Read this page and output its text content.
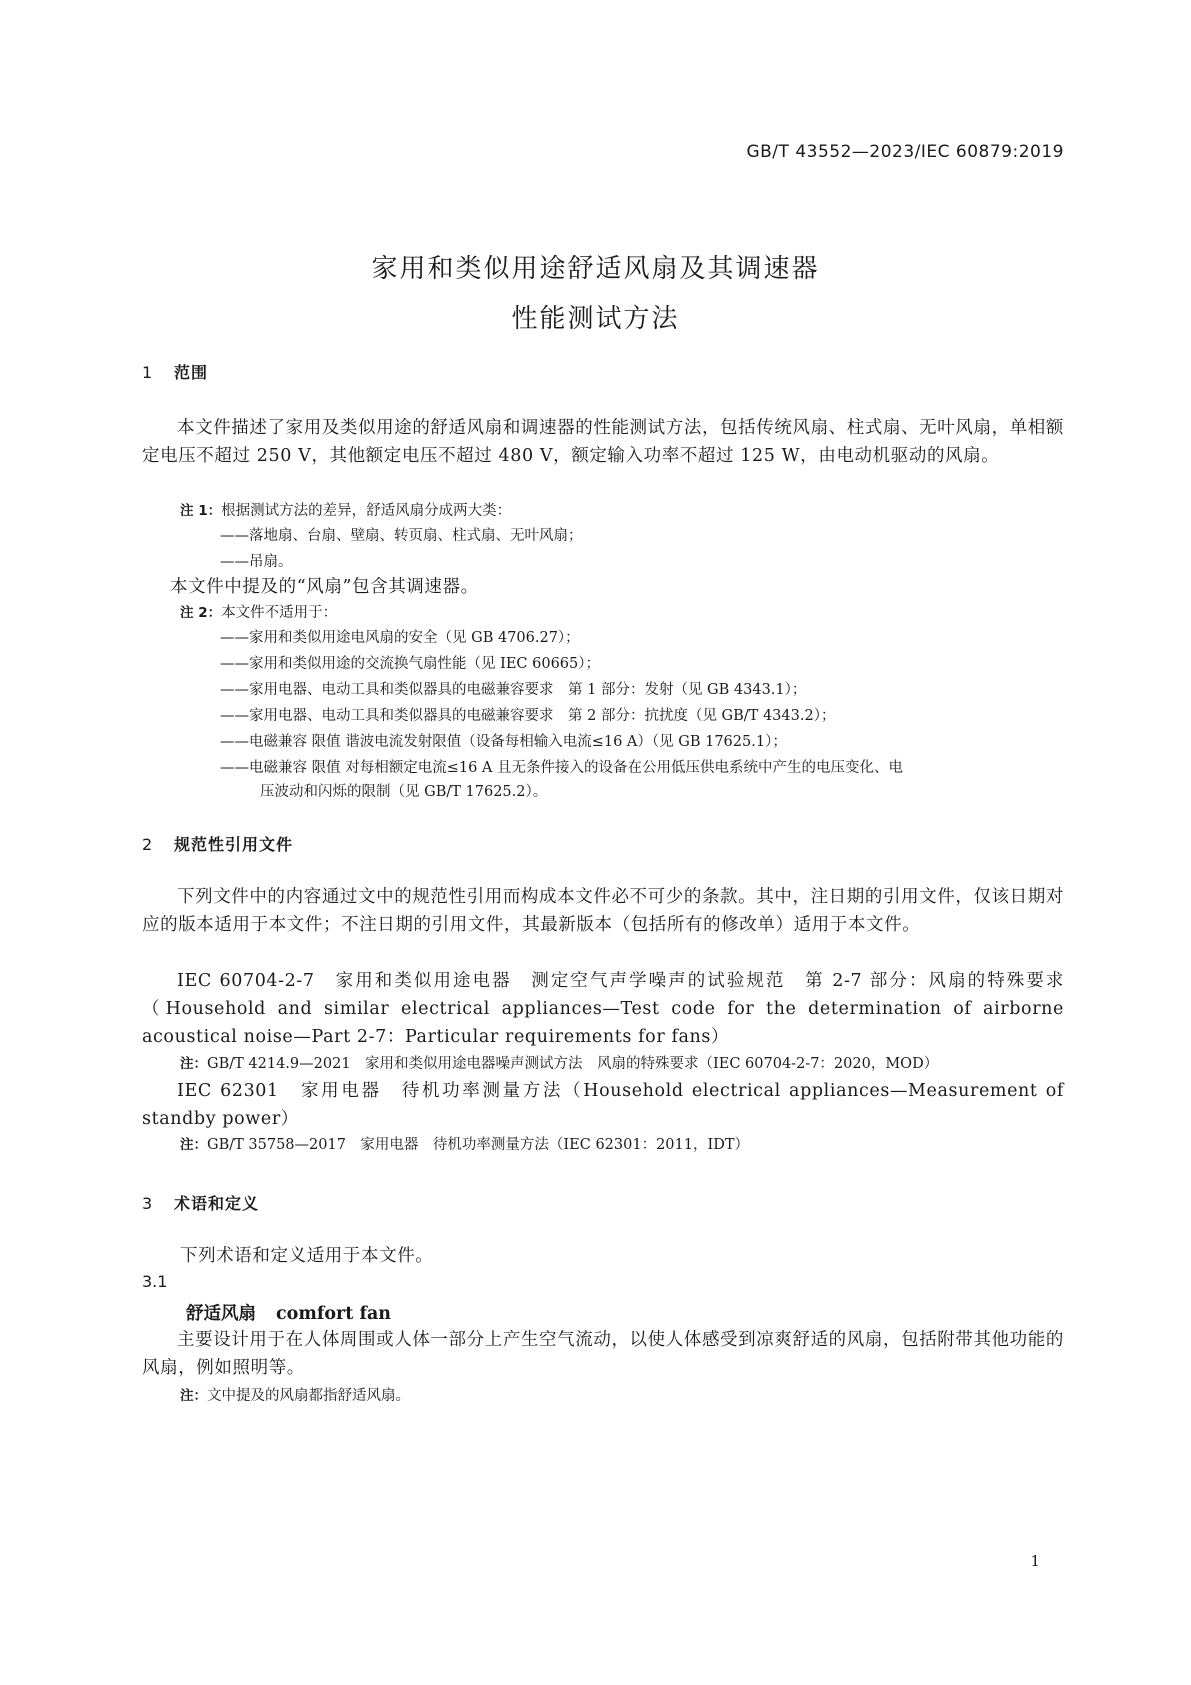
GB/T 43552—2023/IEC 60879:2019
家用和类似用途舒适风扇及其调速器
性能测试方法
1 范围

本文件描述了家用及类似用途的舒适风扇和调速器的性能测试方法，包括传统风扇、柱式扇、无叶风扇，单相额定电压不超过 250 V，其他额定电压不超过 480 V，额定输入功率不超过 125 W，由电动机驱动的风扇。

注 1：根据测试方法的差异，舒适风扇分成两大类：
——落地扇、台扇、壁扇、转页扇、柱式扇、无叶风扇；
——吊扇。

本文件中提及的“风扇”包含其调速器。

注 2：本文件不适用于：
——家用和类似用途电风扇的安全（见 GB 4706.27）；
——家用和类似用途的交流换气扇性能（见 IEC 60665）；
——家用电器、电动工具和类似器具的电磁兼容要求　第 1 部分：发射（见 GB 4343.1）；
——家用电器、电动工具和类似器具的电磁兼容要求　第 2 部分：抗扰度（见 GB/T 4343.2）；
——电磁兼容 限值 谐波电流发射限值（设备每相输入电流≤16 A）（见 GB 17625.1）；
——电磁兼容 限值 对每相额定电流≤16 A 且无条件接入的设备在公用低压供电系统中产生的电压变化、电
压波动和闪烁的限制（见 GB/T 17625.2）。
2 规范性引用文件

下列文件中的内容通过文中的规范性引用而构成本文件必不可少的条款。其中，注日期的引用文件，仅该日期对应的版本适用于本文件；不注日期的引用文件，其最新版本（包括所有的修改单）适用于本文件。

IEC 60704-2-7　家用和类似用途电器　测定空气声学噪声的试验规范　第 2-7 部分：风扇的特殊要求（Household and similar electrical appliances—Test code for the determination of airborne acoustical noise—Part 2-7：Particular requirements for fans）

注：GB/T 4214.9—2021　家用和类似用途电器噪声测试方法　风扇的特殊要求（IEC 60704-2-7：2020，MOD）

IEC 62301　家用电器　待机功率测量方法（Household electrical appliances—Measurement of standby power）

注：GB/T 35758—2017　家用电器　待机功率测量方法（IEC 62301：2011，IDT）
3 术语和定义

下列术语和定义适用于本文件。

3.1
舒适风扇 comfort fan

主要设计用于在人体周围或人体一部分上产生空气流动，以使人体感受到凉爽舒适的风扇，包括附带其他功能的风扇，例如照明等。

注：文中提及的风扇都指舒适风扇。
1
